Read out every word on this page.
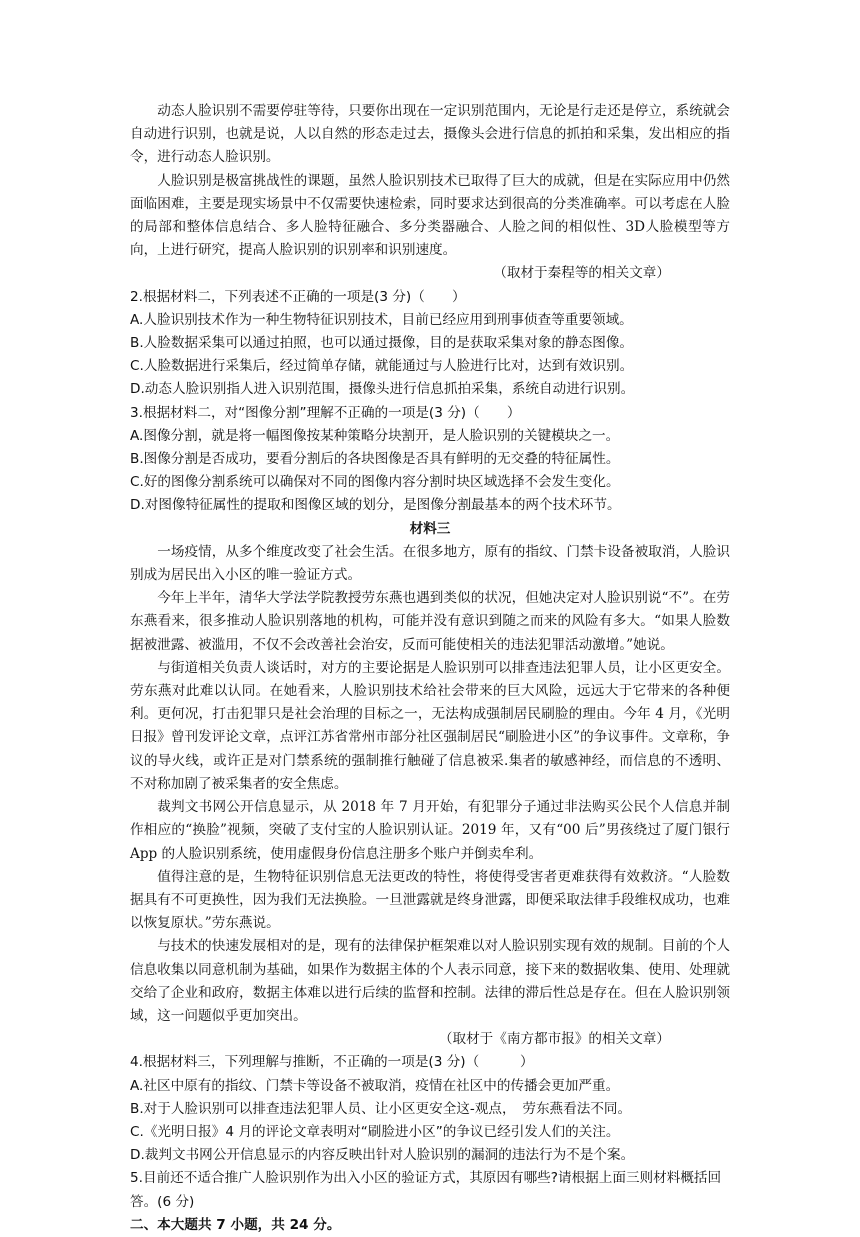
动态人脸识别不需要停驻等待，只要你出现在一定识别范围内，无论是行走还是停立，系统就会自动进行识别，也就是说，人以自然的形态走过去，摄像头会进行信息的抓拍和采集，发出相应的指令，进行动态人脸识别。

人脸识别是极富挑战性的课题，虽然人脸识别技术已取得了巨大的成就，但是在实际应用中仍然面临困难，主要是现实场景中不仅需要快速检索，同时要求达到很高的分类准确率。可以考虑在人脸的局部和整体信息结合、多人脸特征融合、多分类器融合、人脸之间的相似性、3D人脸模型等方向，上进行研究，提高人脸识别的识别率和识别速度。

（取材于秦程等的相关文章）

2.根据材料二，下列表述不正确的一项是(3 分)（　　）

A.人脸识别技术作为一种生物特征识别技术，目前已经应用到刑事侦查等重要领域。

B.人脸数据采集可以通过拍照，也可以通过摄像，目的是获取采集对象的静态图像。

C.人脸数据进行采集后，经过简单存储，就能通过与人脸进行比对，达到有效识别。

D.动态人脸识别指人进入识别范围，摄像头进行信息抓拍采集，系统自动进行识别。

3.根据材料二，对“图像分割”理解不正确的一项是(3 分)（　　）

A.图像分割，就是将一幅图像按某种策略分块割开，是人脸识别的关键模块之一。

B.图像分割是否成功，要看分割后的各块图像是否具有鲜明的无交叠的特征属性。

C.好的图像分割系统可以确保对不同的图像内容分割时块区域选择不会发生变化。

D.对图像特征属性的提取和图像区域的划分，是图像分割最基本的两个技术环节。

材料三

一场疫情，从多个维度改变了社会生活。在很多地方，原有的指纹、门禁卡设备被取消，人脸识别成为居民出入小区的唯一验证方式。

今年上半年，清华大学法学院教授劳东燕也遇到类似的状况，但她决定对人脸识别说“不”。在劳东燕看来，很多推动人脸识别落地的机构，可能并没有意识到随之而来的风险有多大。“如果人脸数据被泄露、被滥用，不仅不会改善社会治安，反而可能使相关的违法犯罪活动激增。”她说。

与街道相关负责人谈话时，对方的主要论据是人脸识别可以排查违法犯罪人员，让小区更安全。劳东燕对此难以认同。在她看来，人脸识别技术给社会带来的巨大风险，远远大于它带来的各种便利。更何况，打击犯罪只是社会治理的目标之一，无法构成强制居民刷脸的理由。今年 4 月，《光明日报》曾刊发评论文章，点评江苏省常州市部分社区强制居民“刷脸进小区”的争议事件。文章称，争议的导火线，或许正是对门禁系统的强制推行触碰了信息被采.集者的敏感神经，而信息的不透明、不对称加剧了被采集者的安全焦虑。

裁判文书网公开信息显示，从 2018 年 7 月开始，有犯罪分子通过非法购买公民个人信息并制作相应的“换脸”视频，突破了支付宝的人脸识别认证。2019 年，又有“00 后”男孩绕过了厦门银行 App 的人脸识别系统，使用虚假身份信息注册多个账户并倒卖牟利。

值得注意的是，生物特征识别信息无法更改的特性，将使得受害者更难获得有效救济。“人脸数据具有不可更换性，因为我们无法换脸。一旦泄露就是终身泄露，即便采取法律手段维权成功，也难以恢复原状。”劳东燕说。

与技术的快速发展相对的是，现有的法律保护框架难以对人脸识别实现有效的规制。目前的个人信息收集以同意机制为基础，如果作为数据主体的个人表示同意，接下来的数据收集、使用、处理就交给了企业和政府，数据主体难以进行后续的监督和控制。法律的滞后性总是存在。但在人脸识别领域，这一问题似乎更加突出。

（取材于《南方都市报》的相关文章）

4.根据材料三，下列理解与推断，不正确的一项是(3 分)（　　　）

A.社区中原有的指纹、门禁卡等设备不被取消，疫情在社区中的传播会更加严重。

B.对于人脸识别可以排查违法犯罪人员、让小区更安全这-观点，　劳东燕看法不同。

C.《光明日报》4 月的评论文章表明对“刷脸进小区”的争议已经引发人们的关注。

D.裁判文书网公开信息显示的内容反映出针对人脸识别的漏洞的违法行为不是个案。

5.目前还不适合推广人脸识别作为出入小区的验证方式，其原因有哪些?请根据上面三则材料概括回答。(6 分)

二、本大题共 7 小题，共 24 分。
